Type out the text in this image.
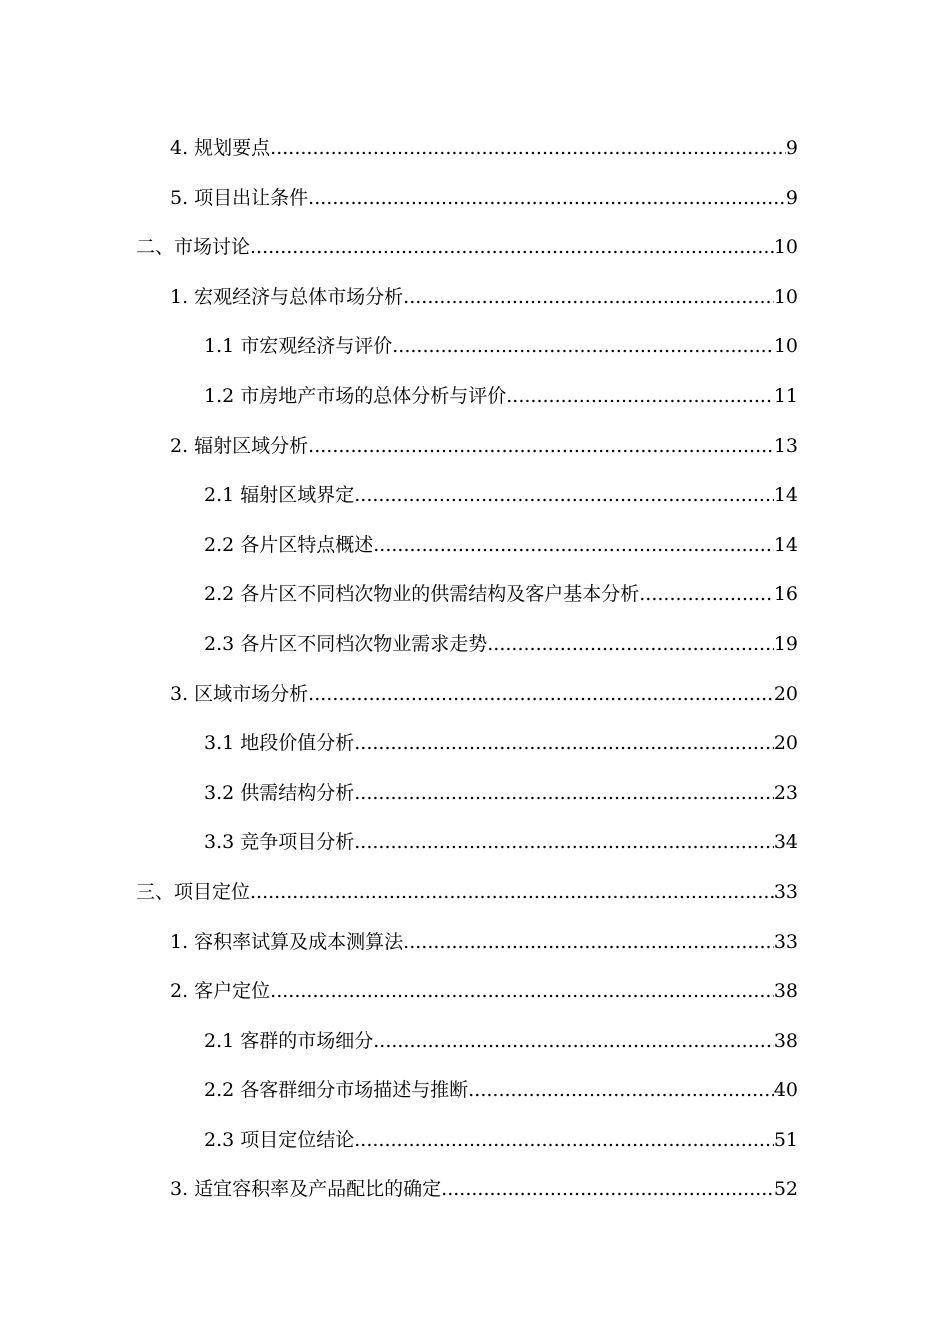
4. 规划要点 .....	9
5. 项目出让条件 .....	9
二、市场讨论 .....	10
1. 宏观经济与总体市场分析 .....	10
1.1 市宏观经济与评价 .....	10
1.2 市房地产市场的总体分析与评价 .....	11
2. 辐射区域分析 .....	13
2.1 辐射区域界定 .....	14
2.2 各片区特点概述 .....	14
2.2 各片区不同档次物业的供需结构及客户基本分析 .....	16
2.3 各片区不同档次物业需求走势 .....	19
3. 区域市场分析 .....	20
3.1 地段价值分析 .....	20
3.2 供需结构分析 .....	23
3.3 竞争项目分析 .....	34
三、项目定位 .....	33
1. 容积率试算及成本测算法 .....	33
2. 客户定位 .....	38
2.1 客群的市场细分 .....	38
2.2 各客群细分市场描述与推断 .....	40
2.3 项目定位结论 .....	51
3. 适宜容积率及产品配比的确定 .....	52
